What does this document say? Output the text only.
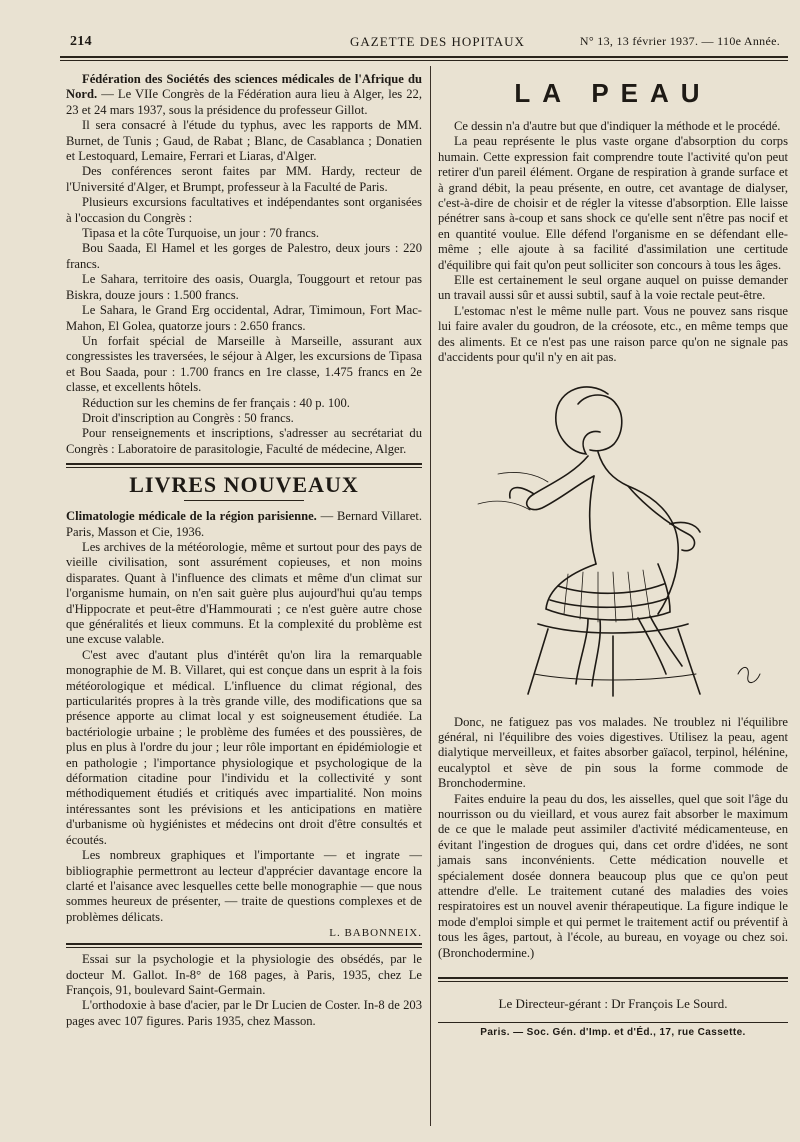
214	GAZETTE DES HOPITAUX	N° 13, 13 février 1937. — 110e Année.

Fédération des Sociétés des sciences médicales de l'Afrique du Nord. — Le VIIe Congrès de la Fédération aura lieu à Alger, les 22, 23 et 24 mars 1937, sous la présidence du professeur Gillot.

Il sera consacré à l'étude du typhus, avec les rapports de MM. Burnet, de Tunis ; Gaud, de Rabat ; Blanc, de Casablanca ; Donatien et Lestoquard, Lemaire, Ferrari et Liaras, d'Alger.

Des conférences seront faites par MM. Hardy, recteur de l'Université d'Alger, et Brumpt, professeur à la Faculté de Paris.

Plusieurs excursions facultatives et indépendantes sont organisées à l'occasion du Congrès :

Tipasa et la côte Turquoise, un jour : 70 francs.

Bou Saada, El Hamel et les gorges de Palestro, deux jours : 220 francs.

Le Sahara, territoire des oasis, Ouargla, Touggourt et retour pas Biskra, douze jours : 1.500 francs.

Le Sahara, le Grand Erg occidental, Adrar, Timimoun, Fort Mac-Mahon, El Golea, quatorze jours : 2.650 francs.

Un forfait spécial de Marseille à Marseille, assurant aux congressistes les traversées, le séjour à Alger, les excursions de Tipasa et Bou Saada, pour : 1.700 francs en 1re classe, 1.475 francs en 2e classe, et excellents hôtels.

Réduction sur les chemins de fer français : 40 p. 100.

Droit d'inscription au Congrès : 50 francs.

Pour renseignements et inscriptions, s'adresser au secrétariat du Congrès : Laboratoire de parasitologie, Faculté de médecine, Alger.

LIVRES NOUVEAUX

Climatologie médicale de la région parisienne. — Bernard Villaret. Paris, Masson et Cie, 1936.

Les archives de la météorologie, même et surtout pour des pays de vieille civilisation, sont assurément copieuses, et non moins disparates. Quant à l'influence des climats et même d'un climat sur l'organisme humain, on n'en sait guère plus aujourd'hui qu'au temps d'Hippocrate et peut-être d'Hammourati ; ce n'est guère autre chose que généralités et lieux communs. Et la complexité du problème est une excuse valable.

C'est avec d'autant plus d'intérêt qu'on lira la remarquable monographie de M. B. Villaret, qui est conçue dans un esprit à la fois météorologique et médical. L'influence du climat régional, des particularités propres à la très grande ville, des modifications que sa présence apporte au climat local y est soigneusement étudiée. La bactériologie urbaine ; le problème des fumées et des poussières, de plus en plus à l'ordre du jour ; leur rôle important en épidémiologie et en pathologie ; l'importance physiologique et psychologique de la déformation citadine pour l'individu et la collectivité y sont méthodiquement étudiés et critiqués avec impartialité. Non moins intéressantes sont les prévisions et les anticipations en matière d'urbanisme où hygiénistes et médecins ont droit d'être consultés et écoutés.

Les nombreux graphiques et l'importante — et ingrate — bibliographie permettront au lecteur d'apprécier davantage encore la clarté et l'aisance avec lesquelles cette belle monographie — que nous sommes heureux de présenter, — traite de questions complexes et de problèmes délicats.

L. BABONNEIX.

Essai sur la psychologie et la physiologie des obsédés, par le docteur M. Gallot. In-8° de 168 pages, à Paris, 1935, chez Le François, 91, boulevard Saint-Germain.

L'orthodoxie à base d'acier, par le Dr Lucien de Coster. In-8 de 203 pages avec 107 figures. Paris 1935, chez Masson.

LA PEAU

Ce dessin n'a d'autre but que d'indiquer la méthode et le procédé.

La peau représente le plus vaste organe d'absorption du corps humain. Cette expression fait comprendre toute l'activité qu'on peut retirer d'un pareil élément. Organe de respiration à grande surface et à grand débit, la peau présente, en outre, cet avantage de dialyser, c'est-à-dire de choisir et de régler la vitesse d'absorption. Elle laisse pénétrer sans à-coup et sans shock ce qu'elle sent n'être pas nocif et en quantité voulue. Elle défend l'organisme en se défendant elle-même ; elle ajoute à sa facilité d'assimilation une certitude d'équilibre qui fait qu'on peut solliciter son concours à tous les âges.

Elle est certainement le seul organe auquel on puisse demander un travail aussi sûr et aussi subtil, sauf à la voie rectale peut-être.

L'estomac n'est le même nulle part. Vous ne pouvez sans risque lui faire avaler du goudron, de la créosote, etc., en même temps que des aliments. Et ce n'est pas une raison parce qu'on ne signale pas d'accidents pour qu'il n'y en ait pas.

Donc, ne fatiguez pas vos malades. Ne troublez ni l'équilibre général, ni l'équilibre des voies digestives. Utilisez la peau, agent dialytique merveilleux, et faites absorber gaïacol, terpinol, hélénine, eucalyptol et sève de pin sous la forme commode de Bronchodermine.

Faites enduire la peau du dos, les aisselles, quel que soit l'âge du nourrisson ou du vieillard, et vous aurez fait absorber le maximum de ce que le malade peut assimiler d'activité médicamenteuse, en évitant l'ingestion de drogues qui, dans cet ordre d'idées, ne sont jamais sans inconvénients. Cette médication nouvelle et spécialement dosée donnera beaucoup plus que ce qu'on peut attendre d'elle. Le traitement cutané des maladies des voies respiratoires est un nouvel avenir thérapeutique. La figure indique le mode d'emploi simple et qui permet le traitement actif ou préventif à tous les âges, partout, à l'école, au bureau, en voyage ou chez soi. (Bronchodermine.)

Le Directeur-gérant : Dr François Le Sourd.

Paris. — Soc. Gén. d'Imp. et d'Éd., 17, rue Cassette.
